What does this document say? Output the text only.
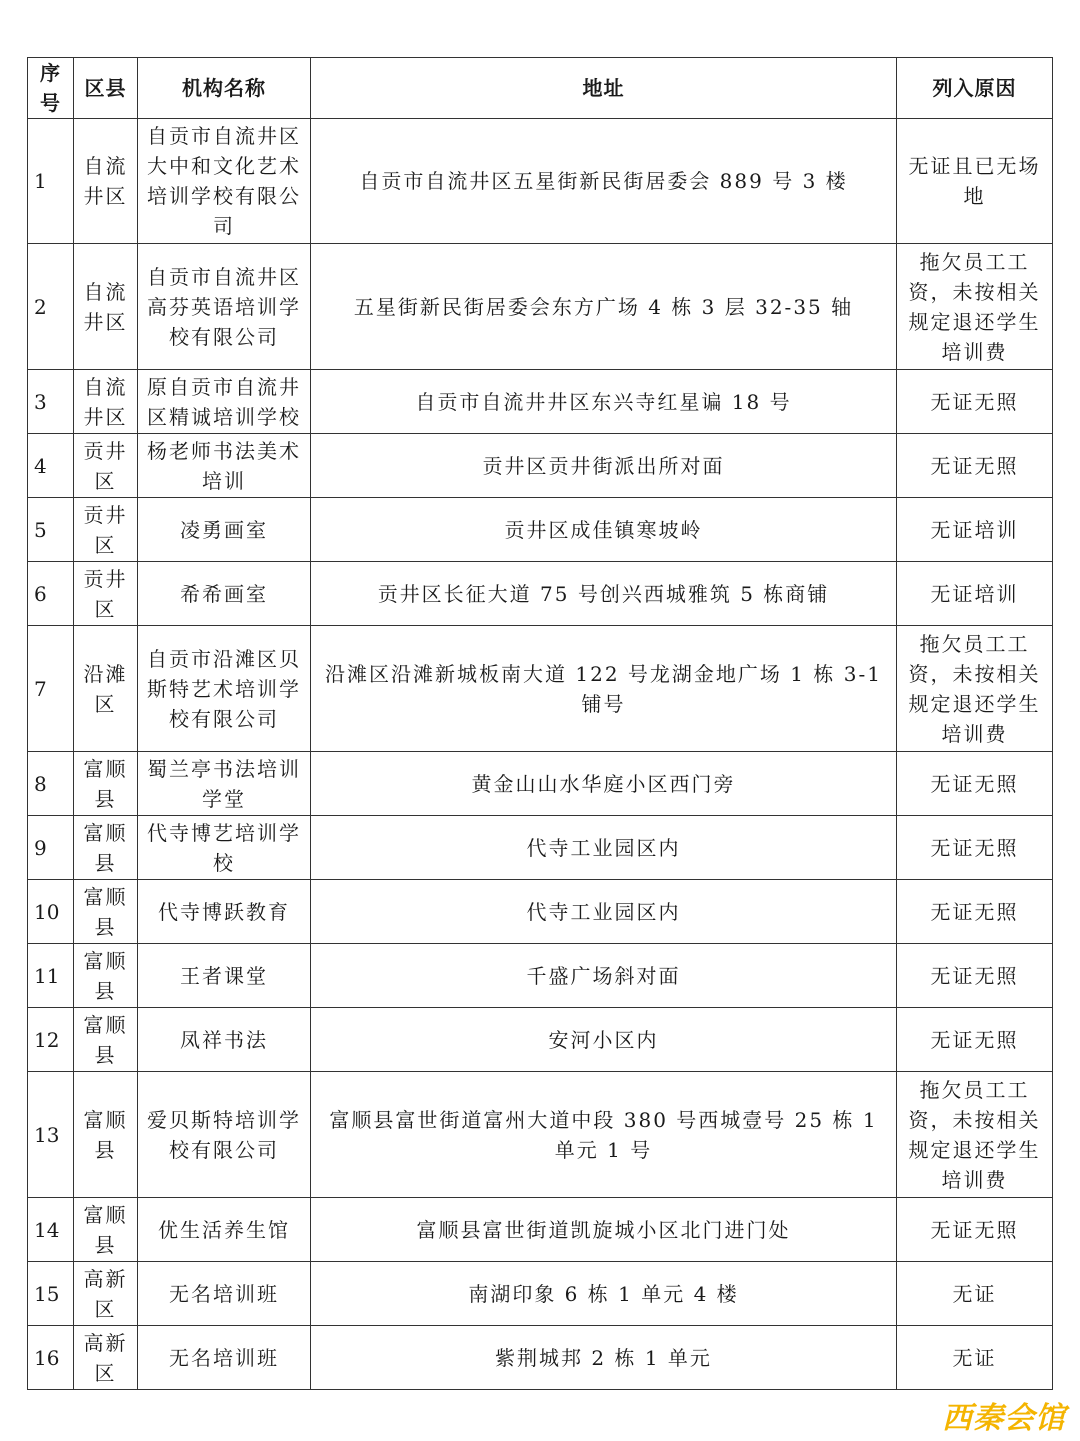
序号	区县	机构名称	地址	列入原因
1	自流井区	自贡市自流井区大中和文化艺术培训学校有限公司	自贡市自流井区五星街新民街居委会 889 号 3 楼	无证且已无场地
2	自流井区	自贡市自流井区高芬英语培训学校有限公司	五星街新民街居委会东方广场 4 栋 3 层 32-35 轴	拖欠员工工资，未按相关规定退还学生培训费
3	自流井区	原自贡市自流井区精诚培训学校	自贡市自流井井区东兴寺红星谝 18 号	无证无照
4	贡井区	杨老师书法美术培训	贡井区贡井街派出所对面	无证无照
5	贡井区	凌勇画室	贡井区成佳镇寒坡岭	无证培训
6	贡井区	希希画室	贡井区长征大道 75 号创兴西城雅筑 5 栋商铺	无证培训
7	沿滩区	自贡市沿滩区贝斯特艺术培训学校有限公司	沿滩区沿滩新城板南大道 122 号龙湖金地广场 1 栋 3-1 铺号	拖欠员工工资，未按相关规定退还学生培训费
8	富顺县	蜀兰亭书法培训学堂	黄金山山水华庭小区西门旁	无证无照
9	富顺县	代寺博艺培训学校	代寺工业园区内	无证无照
10	富顺县	代寺博跃教育	代寺工业园区内	无证无照
11	富顺县	王者课堂	千盛广场斜对面	无证无照
12	富顺县	凤祥书法	安河小区内	无证无照
13	富顺县	爱贝斯特培训学校有限公司	富顺县富世街道富州大道中段 380 号西城壹号 25 栋 1 单元 1 号	拖欠员工工资，未按相关规定退还学生培训费
14	富顺县	优生活养生馆	富顺县富世街道凯旋城小区北门进门处	无证无照
15	高新区	无名培训班	南湖印象 6 栋 1 单元 4 楼	无证
16	高新区	无名培训班	紫荆城邦 2 栋 1 单元	无证
西秦会馆
